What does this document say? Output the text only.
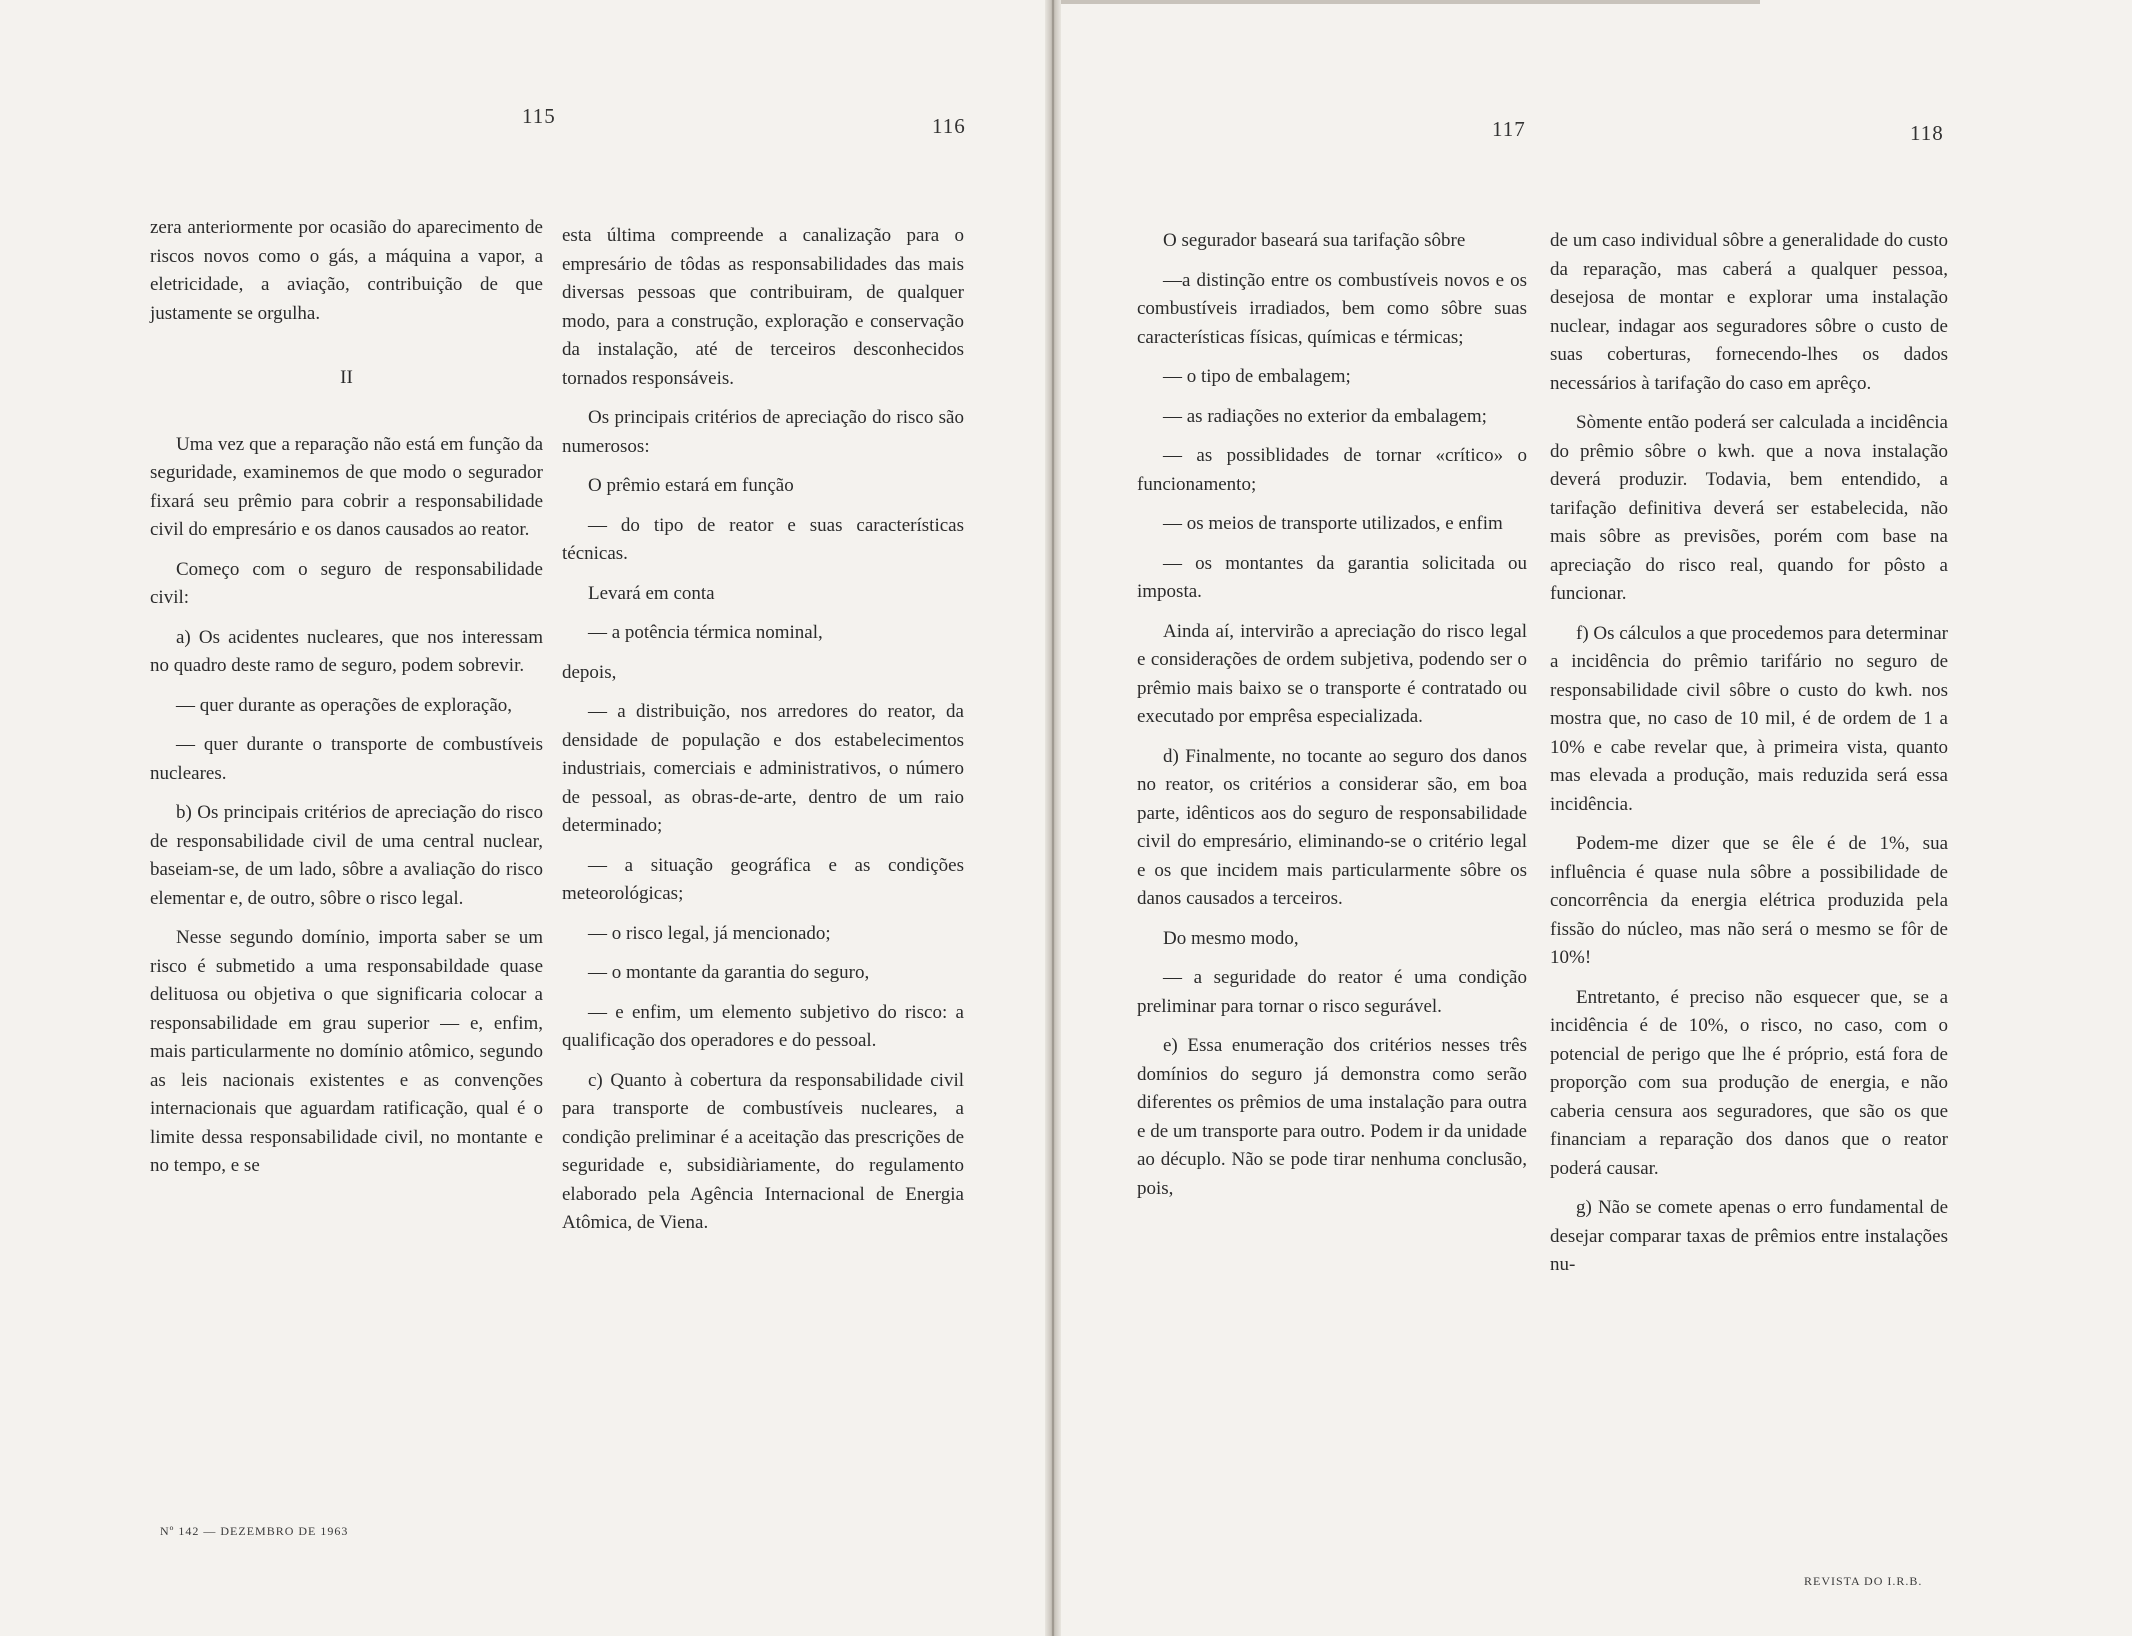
115	116	117	118

zera anteriormente por ocasião do aparecimento de riscos novos como o gás, a máquina a vapor, a eletricidade, a aviação, contribuição de que justamente se orgulha.

II

Uma vez que a reparação não está em função da seguridade, examinemos de que modo o segurador fixará seu prêmio para cobrir a responsabilidade civil do empresário e os danos causados ao reator.

Começo com o seguro de responsabilidade civil:

a) Os acidentes nucleares, que nos interessam no quadro deste ramo de seguro, podem sobrevir.

— quer durante as operações de exploração,

— quer durante o transporte de combustíveis nucleares.

b) Os principais critérios de apreciação do risco de responsabilidade civil de uma central nuclear, baseiam-se, de um lado, sôbre a avaliação do risco elementar e, de outro, sôbre o risco legal.

Nesse segundo domínio, importa saber se um risco é submetido a uma responsabildade quase delituosa ou objetiva o que significaria colocar a responsabilidade em grau superior — e, enfim, mais particularmente no domínio atômico, segundo as leis nacionais existentes e as convenções internacionais que aguardam ratificação, qual é o limite dessa responsabilidade civil, no montante e no tempo, e se

esta última compreende a canalização para o empresário de tôdas as responsabilidades das mais diversas pessoas que contribuiram, de qualquer modo, para a construção, exploração e conservação da instalação, até de terceiros desconhecidos tornados responsáveis.

Os principais critérios de apreciação do risco são numerosos:

O prêmio estará em função

— do tipo de reator e suas características técnicas.

Levará em conta

— a potência térmica nominal,

depois,

— a distribuição, nos arredores do reator, da densidade de população e dos estabelecimentos industriais, comerciais e administrativos, o número de pessoal, as obras-de-arte, dentro de um raio determinado;

— a situação geográfica e as condições meteorológicas;

— o risco legal, já mencionado;

— o montante da garantia do seguro,

— e enfim, um elemento subjetivo do risco: a qualificação dos operadores e do pessoal.

c) Quanto à cobertura da responsabilidade civil para transporte de combustíveis nucleares, a condição preliminar é a aceitação das prescrições de seguridade e, subsidiàriamente, do regulamento elaborado pela Agência Internacional de Energia Atômica, de Viena.

O segurador baseará sua tarifação sôbre

—a distinção entre os combustíveis novos e os combustíveis irradiados, bem como sôbre suas características físicas, químicas e térmicas;

— o tipo de embalagem;

— as radiações no exterior da embalagem;

— as possiblidades de tornar «crítico» o funcionamento;

— os meios de transporte utilizados, e enfim

— os montantes da garantia solicitada ou imposta.

Ainda aí, intervirão a apreciação do risco legal e considerações de ordem subjetiva, podendo ser o prêmio mais baixo se o transporte é contratado ou executado por emprêsa especializada.

d) Finalmente, no tocante ao seguro dos danos no reator, os critérios a considerar são, em boa parte, idênticos aos do seguro de responsabilidade civil do empresário, eliminando-se o critério legal e os que incidem mais particularmente sôbre os danos causados a terceiros.

Do mesmo modo,

— a seguridade do reator é uma condição preliminar para tornar o risco segurável.

e) Essa enumeração dos critérios nesses três domínios do seguro já demonstra como serão diferentes os prêmios de uma instalação para outra e de um transporte para outro. Podem ir da unidade ao décuplo. Não se pode tirar nenhuma conclusão, pois,

de um caso individual sôbre a generalidade do custo da reparação, mas caberá a qualquer pessoa, desejosa de montar e explorar uma instalação nuclear, indagar aos seguradores sôbre o custo de suas coberturas, fornecendo-lhes os dados necessários à tarifação do caso em aprêço.

Sòmente então poderá ser calculada a incidência do prêmio sôbre o kwh. que a nova instalação deverá produzir. Todavia, bem entendido, a tarifação definitiva deverá ser estabelecida, não mais sôbre as previsões, porém com base na apreciação do risco real, quando for pôsto a funcionar.

f) Os cálculos a que procedemos para determinar a incidência do prêmio tarifário no seguro de responsabilidade civil sôbre o custo do kwh. nos mostra que, no caso de 10 mil, é de ordem de 1 a 10% e cabe revelar que, à primeira vista, quanto mas elevada a produção, mais reduzida será essa incidência.

Podem-me dizer que se êle é de 1%, sua influência é quase nula sôbre a possibilidade de concorrência da energia elétrica produzida pela fissão do núcleo, mas não será o mesmo se fôr de 10%!

Entretanto, é preciso não esquecer que, se a incidência é de 10%, o risco, no caso, com o potencial de perigo que lhe é próprio, está fora de proporção com sua produção de energia, e não caberia censura aos seguradores, que são os que financiam a reparação dos danos que o reator poderá causar.

g) Não se comete apenas o erro fundamental de desejar comparar taxas de prêmios entre instalações nu-

Nº 142 — DEZEMBRO DE 1963
REVISTA DO I.R.B.
